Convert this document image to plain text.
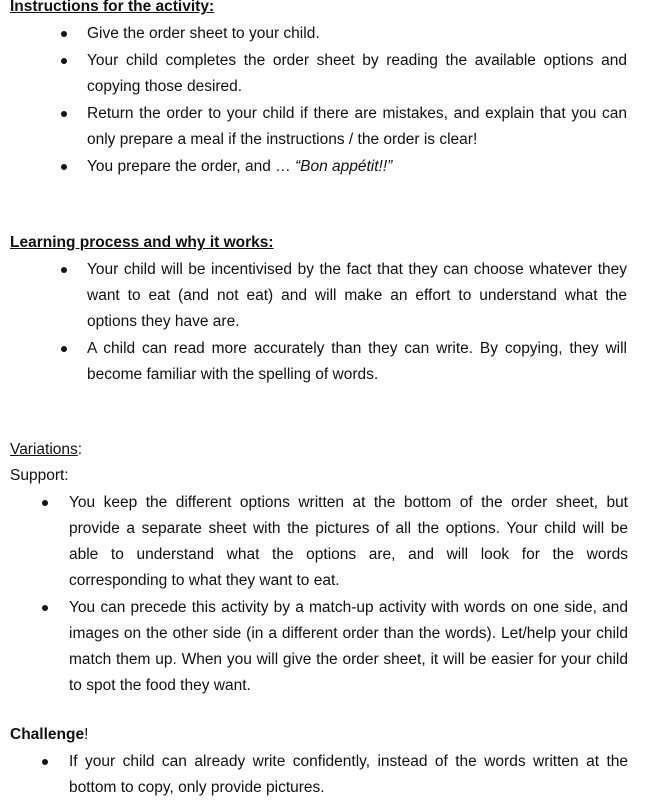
Instructions for the activity:
Give the order sheet to your child.
Your child completes the order sheet by reading the available options and copying those desired.
Return the order to your child if there are mistakes, and explain that you can only prepare a meal if the instructions / the order is clear!
You prepare the order, and … “Bon appétit!!”
Learning process and why it works:
Your child will be incentivised by the fact that they can choose whatever they want to eat (and not eat) and will make an effort to understand what the options they have are.
A child can read more accurately than they can write. By copying, they will become familiar with the spelling of words.
Variations:
Support:
You keep the different options written at the bottom of the order sheet, but provide a separate sheet with the pictures of all the options. Your child will be able to understand what the options are, and will look for the words corresponding to what they want to eat.
You can precede this activity by a match-up activity with words on one side, and images on the other side (in a different order than the words). Let/help your child match them up. When you will give the order sheet, it will be easier for your child to spot the food they want.
Challenge!
If your child can already write confidently, instead of the words written at the bottom to copy, only provide pictures.
